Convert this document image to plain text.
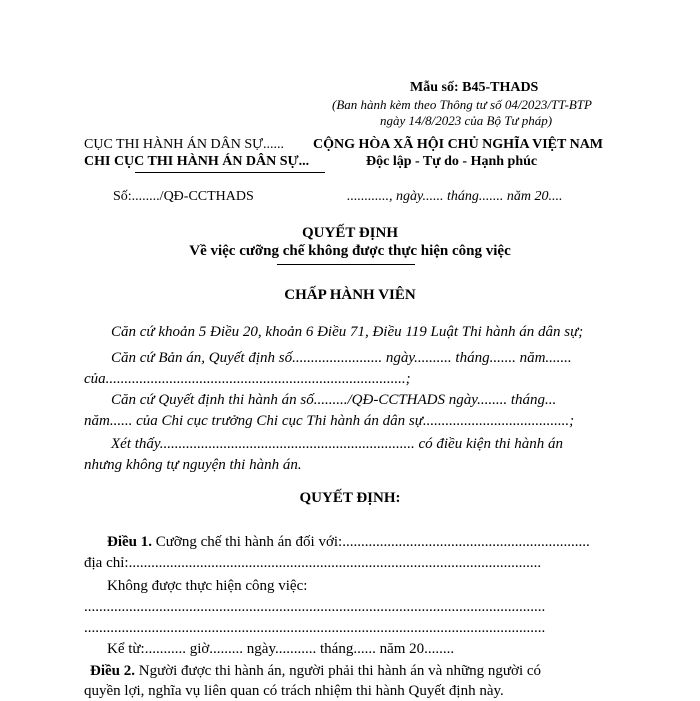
Mẫu số: B45-THADS
(Ban hành kèm theo Thông tư số 04/2023/TT-BTP
ngày 14/8/2023 của Bộ Tư pháp)
CỤC THI HÀNH ÁN DÂN SỰ......
CHI CỤC THI HÀNH ÁN DÂN SỰ...
CỘNG HÒA XÃ HỘI CHỦ NGHĨA VIỆT NAM
Độc lập - Tự do - Hạnh phúc
Số:......../QĐ-CCTHADS	............, ngày...... tháng....... năm 20....
QUYẾT ĐỊNH
Về việc cưỡng chế không được thực hiện công việc
CHẤP HÀNH VIÊN
Căn cứ khoản 5 Điều 20, khoản 6 Điều 71, Điều 119 Luật Thi hành án dân sự;
Căn cứ Bản án, Quyết định số........................ ngày.......... tháng....... năm.......
của................................................................................;
Căn cứ Quyết định thi hành án số........./QĐ-CCTHADS ngày........ tháng...
năm...... của Chi cục trưởng Chi cục Thi hành án dân sự.......................................;
Xét thấy.................................................................... có điều kiện thi hành án
nhưng không tự nguyện thi hành án.
QUYẾT ĐỊNH:
Điều 1. Cưỡng chế thi hành án đối với:..................................................................
địa chỉ:..............................................................................................................
Không được thực hiện công việc:
...........................................................................................................................
...........................................................................................................................
Kể từ:........... giờ......... ngày........... tháng...... năm 20........
Điều 2. Người được thi hành án, người phải thi hành án và những người có
quyền lợi, nghĩa vụ liên quan có trách nhiệm thi hành Quyết định này.
